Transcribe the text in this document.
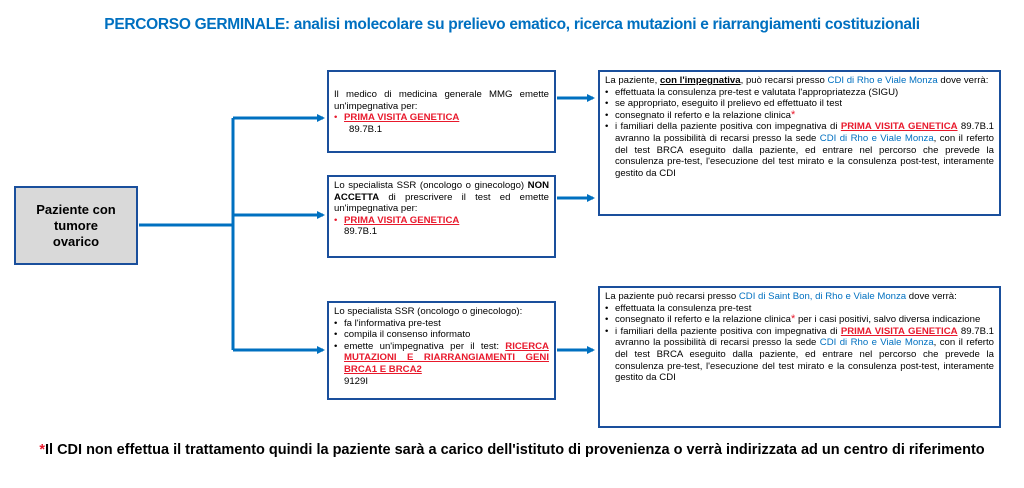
PERCORSO GERMINALE: analisi molecolare su prelievo ematico, ricerca mutazioni e riarrangiamenti costituzionali
Paziente con tumore ovarico
Il medico di medicina generale MMG emette un'impegnativa per:
• PRIMA VISITA GENETICA
89.7B.1
Lo specialista SSR (oncologo o ginecologo) NON ACCETTA di prescrivere il test ed emette un'impegnativa per:
• PRIMA VISITA GENETICA
89.7B.1
Lo specialista SSR (oncologo o ginecologo):
• fa l'informativa pre-test
• compila il consenso informato
• emette un'impegnativa per il test: RICERCA MUTAZIONI E RIARRANGIAMENTI GENI BRCA1 E BRCA2
9129I
La paziente, con l'impegnativa, può recarsi presso CDI di Rho e Viale Monza dove verrà:
• effettuata la consulenza pre-test e valutata l'appropriatezza (SIGU)
• se appropriato, eseguito il prelievo ed effettuato il test
• consegnato il referto e la relazione clinica*
• i familiari della paziente positiva con impegnativa di PRIMA VISITA GENETICA 89.7B.1 avranno la possibilità di recarsi presso la sede CDI di Rho e Viale Monza, con il referto del test BRCA eseguito dalla paziente, ed entrare nel percorso che prevede la consulenza pre-test, l'esecuzione del test mirato e la consulenza post-test, interamente gestito da CDI
La paziente può recarsi presso CDI di Saint Bon, di Rho e Viale Monza dove verrà:
• effettuata la consulenza pre-test
• consegnato il referto e la relazione clinica* per i casi positivi, salvo diversa indicazione
• i familiari della paziente positiva con impegnativa di PRIMA VISITA GENETICA 89.7B.1 avranno la possibilità di recarsi presso la sede CDI di Rho e Viale Monza, con il referto del test BRCA eseguito dalla paziente, ed entrare nel percorso che prevede la consulenza pre-test, l'esecuzione del test mirato e la consulenza post-test, interamente gestito da CDI
*Il CDI non effettua il trattamento quindi la paziente sarà a carico dell'istituto di provenienza o verrà indirizzata ad un centro di riferimento
